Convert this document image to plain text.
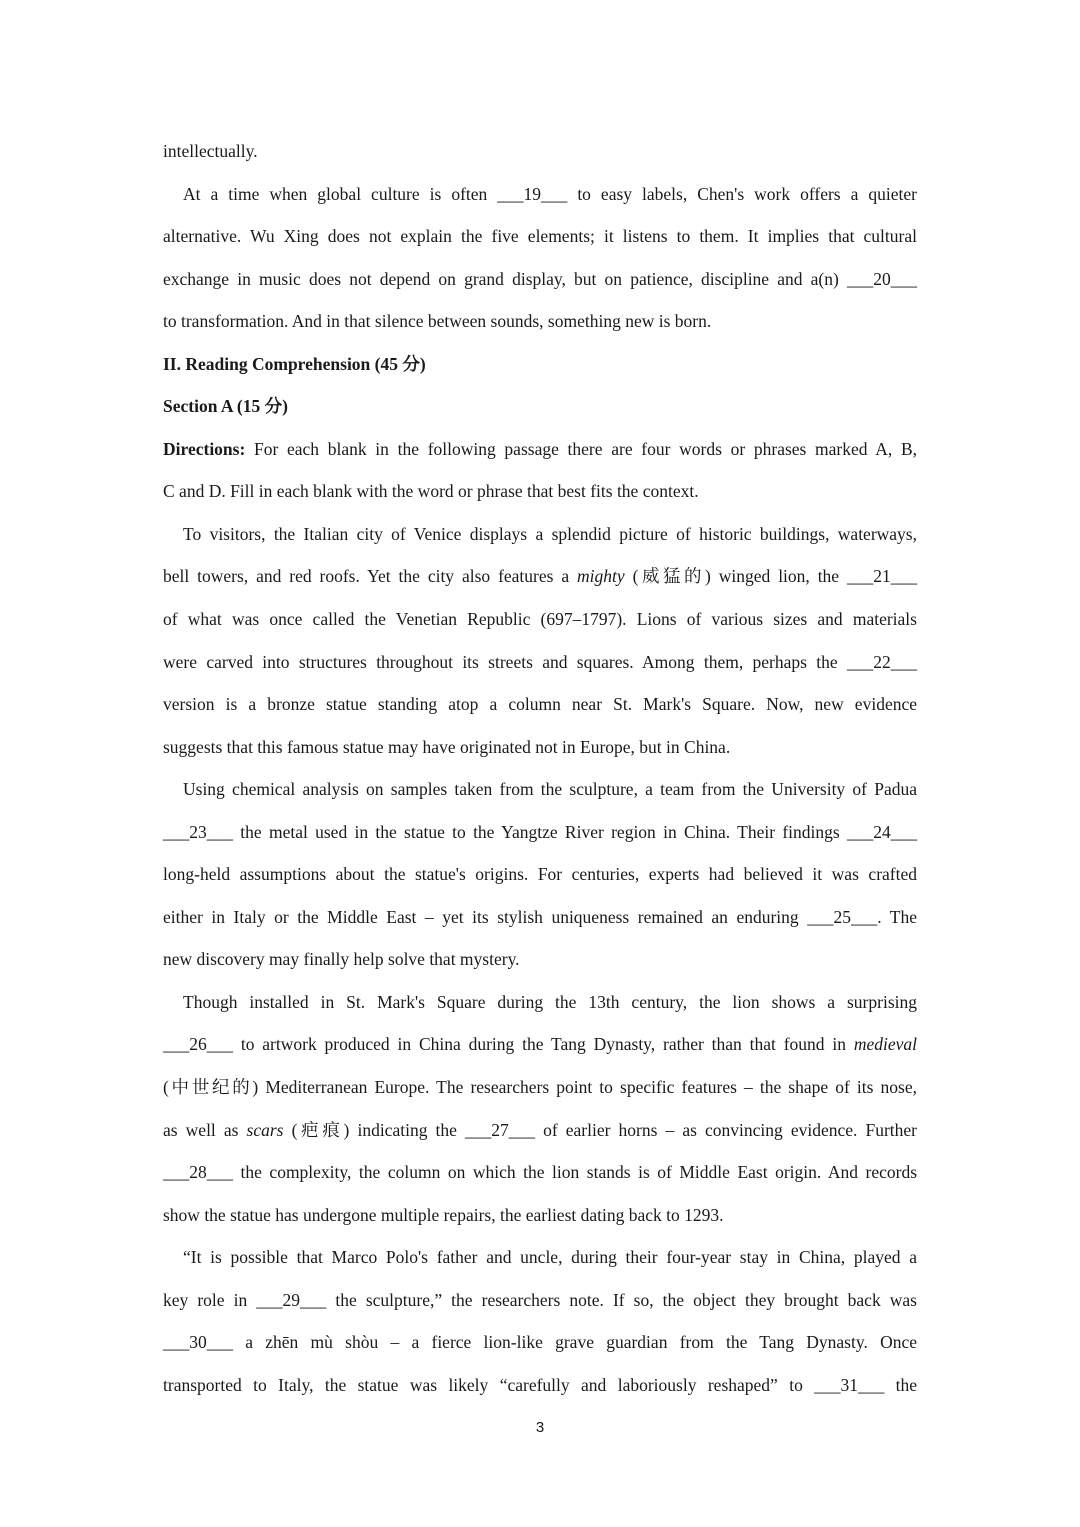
intellectually.
At a time when global culture is often ___19___ to easy labels, Chen's work offers a quieter
alternative. Wu Xing does not explain the five elements; it listens to them. It implies that cultural
exchange in music does not depend on grand display, but on patience, discipline and a(n) ___20___
to transformation. And in that silence between sounds, something new is born.
II. Reading Comprehension (45 分)
Section A (15 分)
Directions: For each blank in the following passage there are four words or phrases marked A, B,
C and D. Fill in each blank with the word or phrase that best fits the context.
To visitors, the Italian city of Venice displays a splendid picture of historic buildings, waterways,
bell towers, and red roofs. Yet the city also features a mighty (威猛的) winged lion, the ___21___
of what was once called the Venetian Republic (697–1797). Lions of various sizes and materials
were carved into structures throughout its streets and squares. Among them, perhaps the ___22___
version is a bronze statue standing atop a column near St. Mark's Square. Now, new evidence
suggests that this famous statue may have originated not in Europe, but in China.
Using chemical analysis on samples taken from the sculpture, a team from the University of Padua
___23___ the metal used in the statue to the Yangtze River region in China. Their findings ___24___
long-held assumptions about the statue's origins. For centuries, experts had believed it was crafted
either in Italy or the Middle East – yet its stylish uniqueness remained an enduring ___25___. The
new discovery may finally help solve that mystery.
Though installed in St. Mark's Square during the 13th century, the lion shows a surprising
___26___ to artwork produced in China during the Tang Dynasty, rather than that found in medieval
(中世纪的) Mediterranean Europe. The researchers point to specific features – the shape of its nose,
as well as scars (疤痕) indicating the ___27___ of earlier horns – as convincing evidence. Further
___28___ the complexity, the column on which the lion stands is of Middle East origin. And records
show the statue has undergone multiple repairs, the earliest dating back to 1293.
“It is possible that Marco Polo's father and uncle, during their four-year stay in China, played a
key role in ___29___ the sculpture,” the researchers note. If so, the object they brought back was
___30___ a zhēn mù shòu – a fierce lion-like grave guardian from the Tang Dynasty. Once
transported to Italy, the statue was likely “carefully and laboriously reshaped” to ___31___ the
3
